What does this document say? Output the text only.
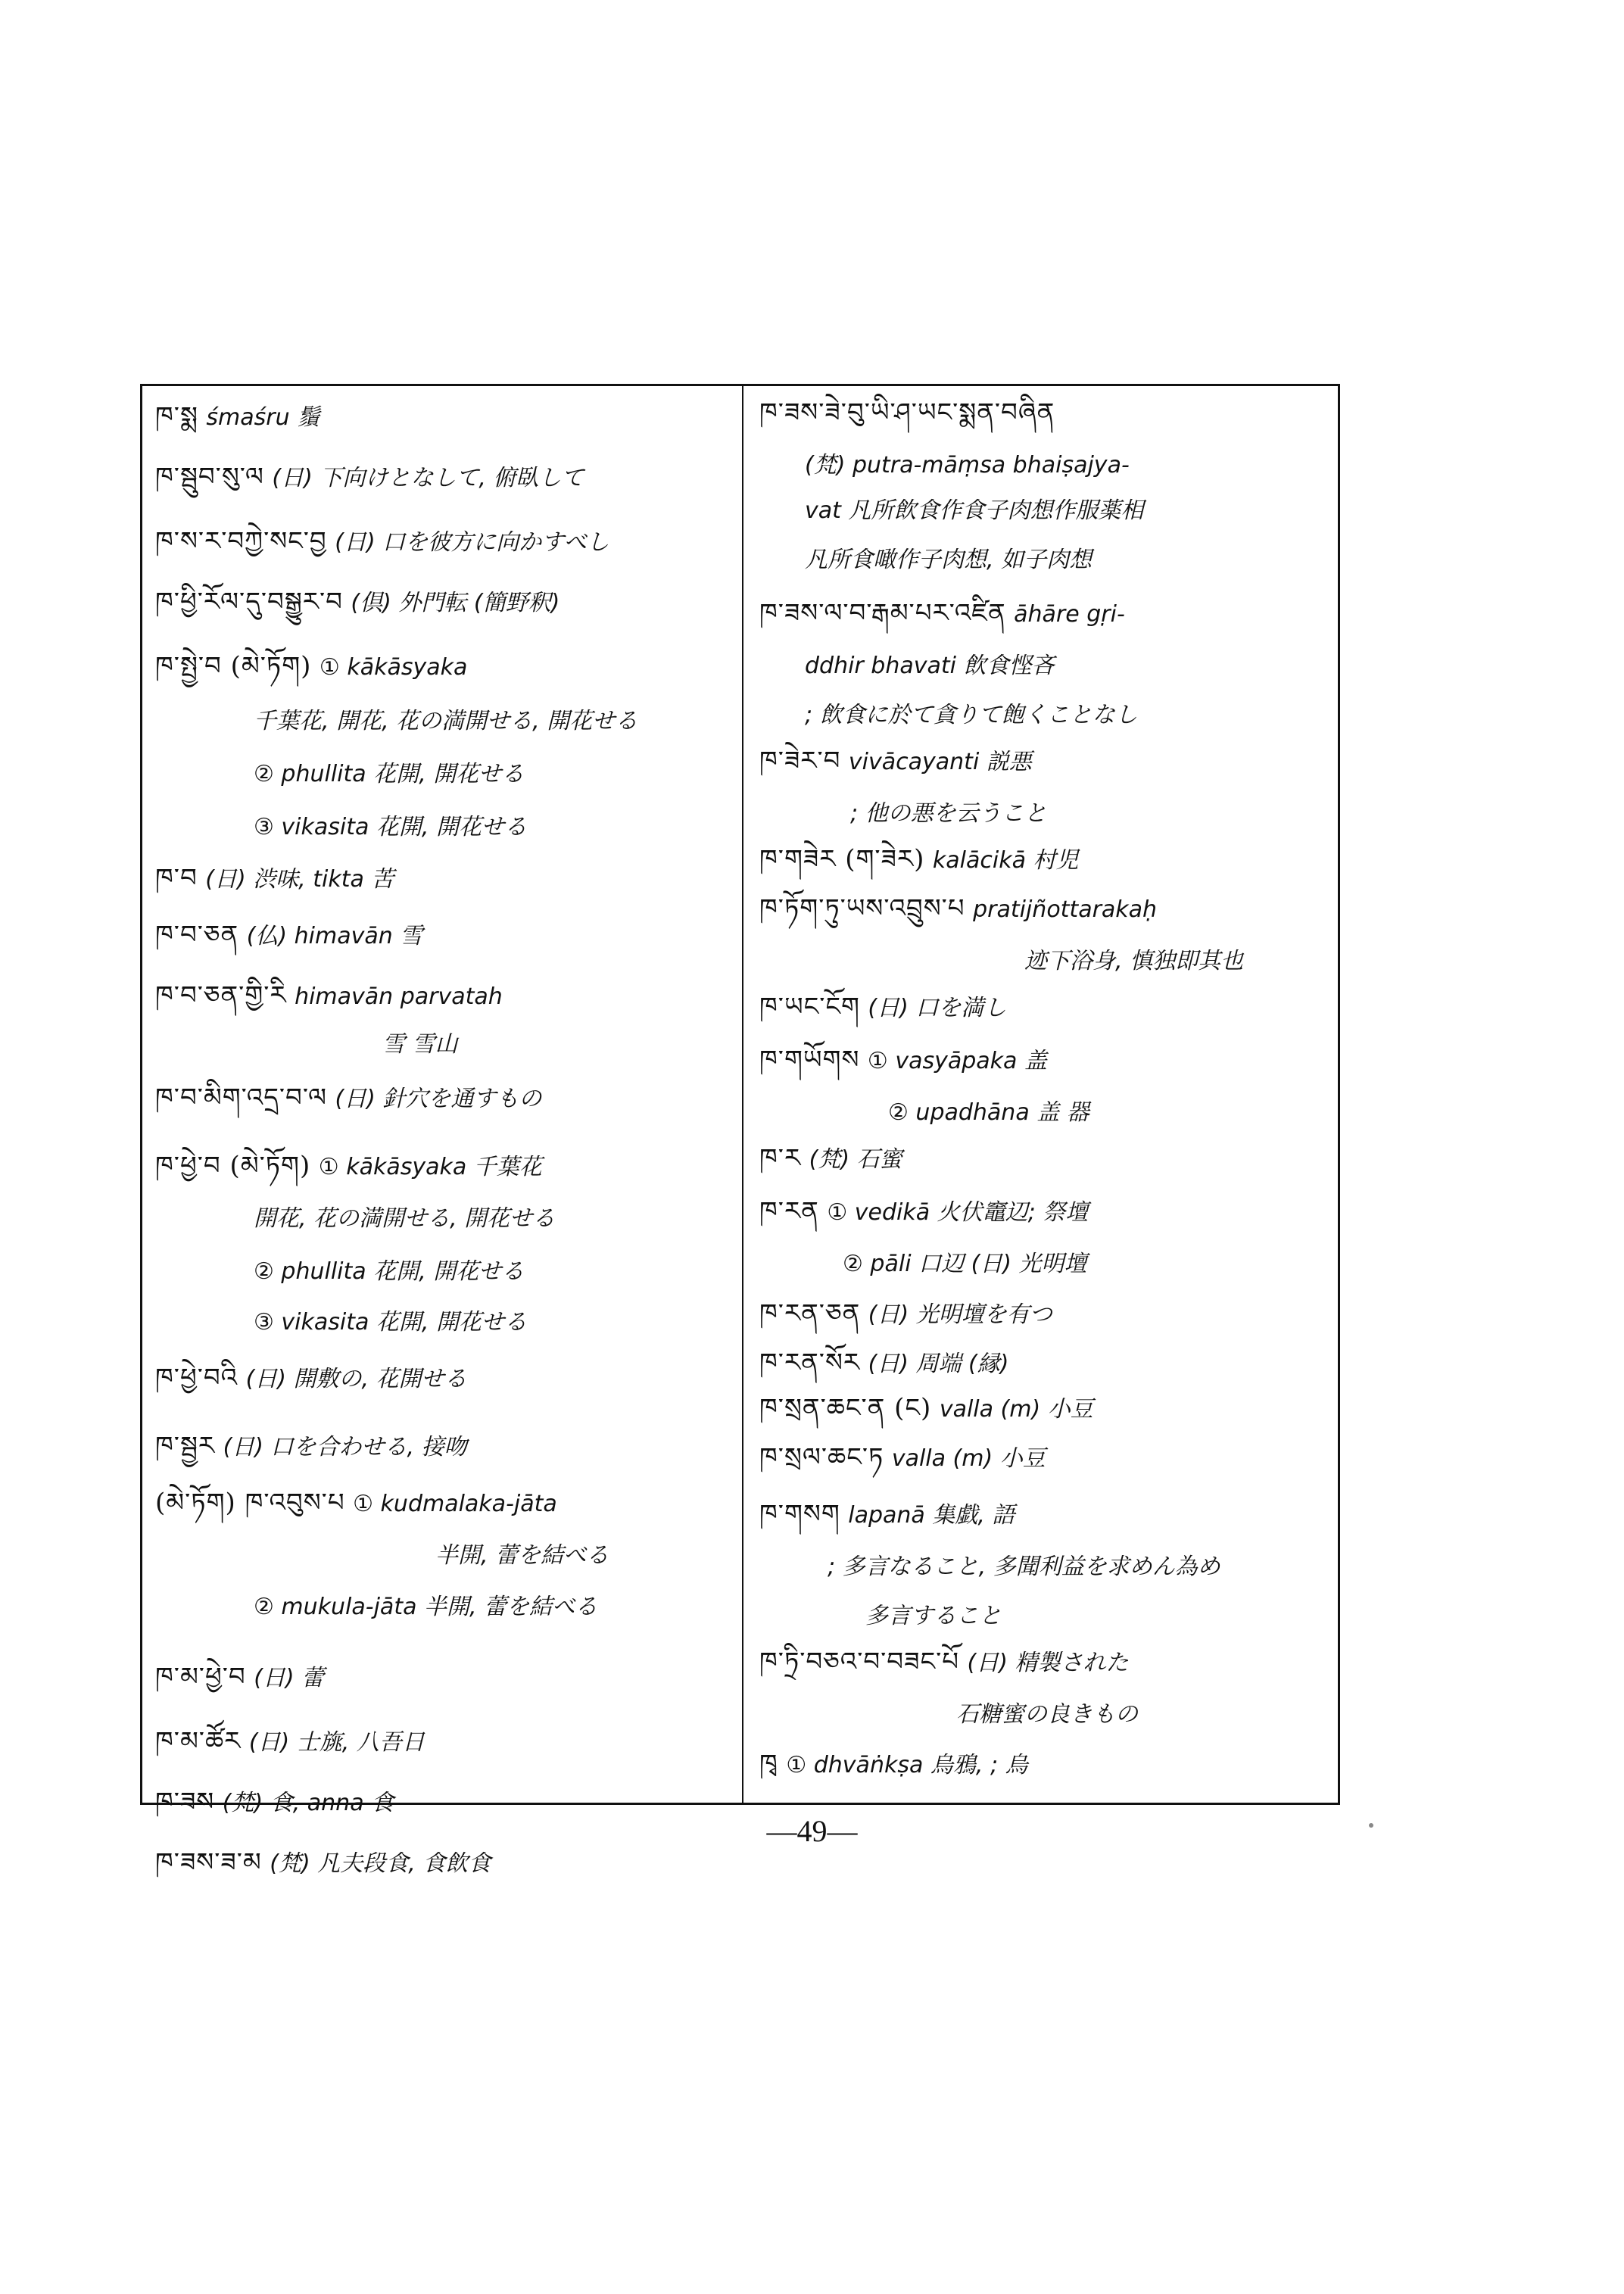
ཁ་སྨ śmaśru 鬚
ཁ་སྦུབ་སུ་ལ (日) 下向けとなして, 俯臥して
ཁ་ས་ར་བཀྱེ་སང་བྱ (日) 口を彼方に向かすべし
ཁ་ཕྱི་རོལ་དུ་བསྒྱུར་བ (倶) 外門転 (簡野釈)
ཁ་སྤྱེ་བ (མེ་ཏོག) ① kākāsyaka
千葉花, 開花, 花の満開せる, 開花せる
② phullita 花開, 開花せる
③ vikasita 花開, 開花せる
ཁ་བ (日) 渋味, tikta 苦
ཁ་བ་ཅན (仏) himavān 雪
ཁ་བ་ཅན་གྱི་རི himavān parvatah
雪 雪山
ཁ་བ་མིག་འདྲ་བ་ལ (日) 針穴を通すもの
ཁ་ཕྱེ་བ (མེ་ཏོག) ① kākāsyaka 千葉花
開花, 花の満開せる, 開花せる
② phullita 花開, 開花せる
③ vikasita 花開, 開花せる
ཁ་ཕྱེ་བའི (日) 開敷の, 花開せる
ཁ་སྦྱར (日) 口を合わせる, 接吻
(མེ་ཏོག) ཁ་འབུས་པ ① kudmalaka-jāta
半開, 蕾を結べる
② mukula-jāta 半開, 蕾を結べる
ཁ་མ་ཕྱེ་བ (日) 蕾
ཁ་མ་ཚོར (日) 士旐, 八吾日
ཁ་ཟས (梵) 食, anna 食
ཁ་ཟས་ཟ་མ (梵) 凡夫段食, 食飲食
ཁ་ཟས་ཟེ་བུ་ཡི་ཤ་ཡང་སྨན་བཞིན
(梵) putra-māṃsa bhaiṣajya-
vat 凡所飲食作食子肉想作服薬相
凡所食噉作子肉想, 如子肉想
ཁ་ཟས་ལ་བ་རྒམ་པར་འཛིན āhāre gṛi-
ddhir bhavati 飲食悭吝
; 飲食に於て貪りて飽くことなし
ཁ་ཟེར་བ vivācayanti 説悪
; 他の悪を云うこと
ཁ་གཟེར (ག་ཟེར) kalācikā 村児
ཁ་ཏོག་ཏུ་ཡས་འབྲུས་པ pratijñottarakaḥ
迹下浴身, 慎独即其也
ཁ་ཡང་ངོག (日) 口を満し
ཁ་གཡོགས ① vasyāpaka 盖
② upadhāna 盖 器
ཁ་ར (梵) 石蜜
ཁ་རན ① vedikā 火伏竈辺; 祭壇
② pāli 口辺 (日) 光明壇
ཁ་རན་ཅན (日) 光明壇を有つ
ཁ་རན་སོར (日) 周端 (縁)
ཁ་སྲན་ཆང་ན (ང) valla (m) 小豆
ཁ་སྲལ་ཆང་ཏ valla (m) 小豆
ཁ་གསག lapanā 集戯, 語
; 多言なること, 多聞利益を求めん為め
多言すること
ཁ་ཏྲི་བཅའ་བ་བཟང་པོ (日) 精製された
石糖蜜の良きもの
ཁྭ ① dhvāṅkṣa 烏鴉, ; 烏
—49—
